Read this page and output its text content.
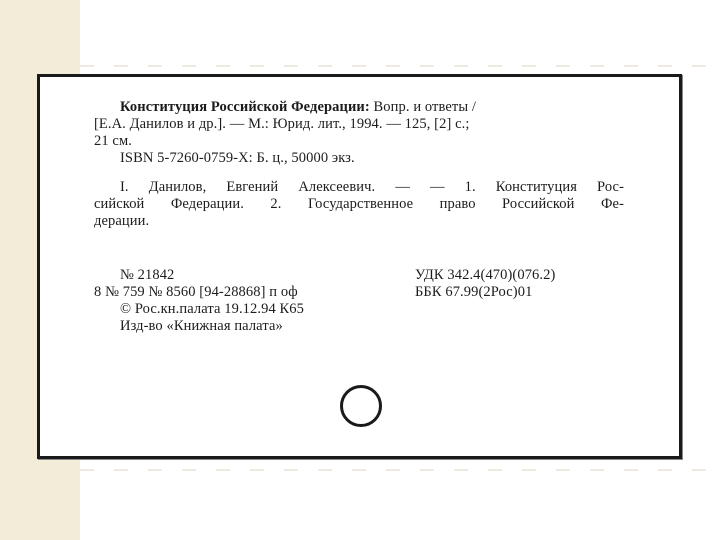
Конституция Российской Федерации: Вопр. и ответы /
[Е.А. Данилов и др.]. — М.: Юрид. лит., 1994. — 125, [2] с.;
21 см.
ISBN 5-7260-0759-Х: Б. ц., 50000 экз.
I. Данилов, Евгений Алексеевич. — — 1. Конституция Рос-
сийской Федерации. 2. Государственное право Российской Фе-
дерации.
№ 21842	УДК 342.4(470)(076.2)
8 № 759 № 8560 [94-28868] п оф	ББК 67.99(2Рос)01
© Рос.кн.палата 19.12.94 К65
Изд-во «Книжная палата»
